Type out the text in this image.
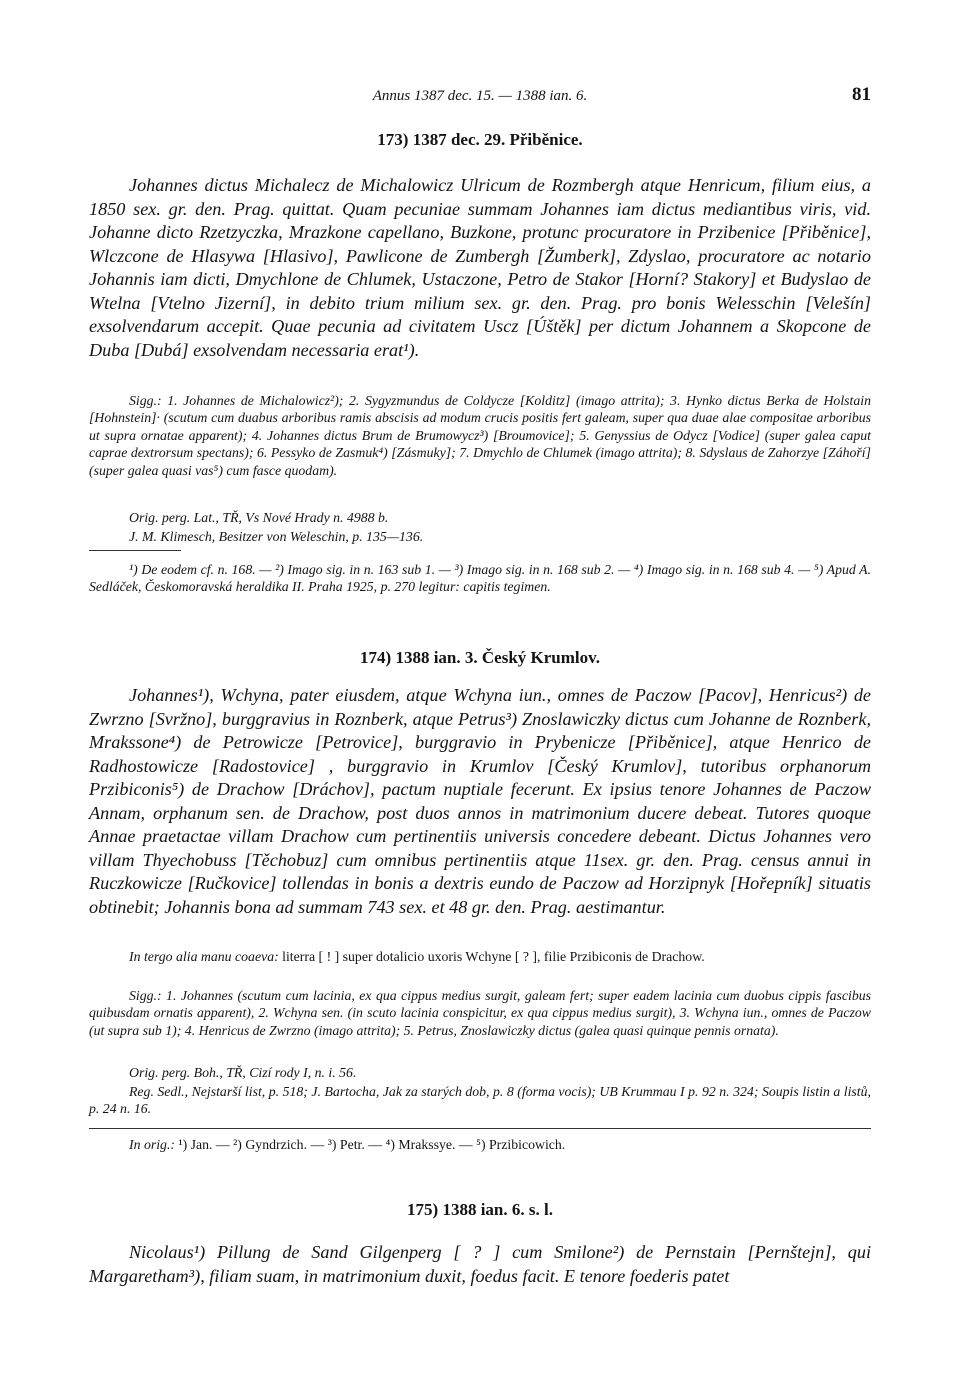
Annus 1387 dec. 15. — 1388 ian. 6.	81
173) 1387 dec. 29. Přiběnice.
Johannes dictus Michalecz de Michalowicz Ulricum de Rozmbergh atque Henricum, filium eius, a 1850 sex. gr. den. Prag. quittat. Quam pecuniae summam Johannes iam dictus mediantibus viris, vid. Johanne dicto Rzetzyczka, Mrazkone capellano, Buzkone, protunc procuratore in Przibenice [Přiběnice], Wlczcone de Hlasywa [Hlasivo], Pawlicone de Zumbergh [Žumberk], Zdyslao, procuratore ac notario Johannis iam dicti, Dmychlone de Chlumek, Ustaczone, Petro de Stakor [Horní? Stakory] et Budyslao de Wtelna [Vtelno Jizerní], in debito trium milium sex. gr. den. Prag. pro bonis Welesschin [Velešín] exsolvendarum accepit. Quae pecunia ad civitatem Uscz [Úštěk] per dictum Johannem a Skopcone de Duba [Dubá] exsolvendam necessaria erat¹).
Sigg.: 1. Johannes de Michalowicz²); 2. Sygyzmundus de Coldycze [Kolditz] (imago attrita); 3. Hynko dictus Berka de Holstain [Hohnstein]· (scutum cum duabus arboribus ramis abscisis ad modum crucis positis fert galeam, super qua duae alae compositae arboribus ut supra ornatae apparent); 4. Johannes dictus Brum de Brumowycz³) [Broumovice]; 5. Genyssius de Odycz [Vodice] (super galea caput caprae dextrorsum spectans); 6. Pessyko de Zasmuk⁴) [Zásmuky]; 7. Dmychlo de Chlumek (imago attrita); 8. Sdyslaus de Zahorzye [Záhoří] (super galea quasi vas⁵) cum fasce quodam).
Orig. perg. Lat., TŘ, Vs Nové Hrady n. 4988 b.
J. M. Klimesch, Besitzer von Weleschin, p. 135—136.
¹) De eodem cf. n. 168. — ²) Imago sig. in n. 163 sub 1. — ³) Imago sig. in n. 168 sub 2. — ⁴) Imago sig. in n. 168 sub 4. — ⁵) Apud A. Sedláček, Českomoravská heraldika II. Praha 1925, p. 270 legitur: capitis tegimen.
174) 1388 ian. 3. Český Krumlov.
Johannes¹), Wchyna, pater eiusdem, atque Wchyna iun., omnes de Paczow [Pacov], Henricus²) de Zwrzno [Svržno], burggravius in Roznberk, atque Petrus³) Znoslawiczky dictus cum Johanne de Roznberk, Mrakssone⁴) de Petrowicze [Petrovice], burggravio in Prybenicze [Přiběnice], atque Henrico de Radhostowicze [Radostovice] , burggravio in Krumlov [Český Krumlov], tutoribus orphanorum Przibiconis⁵) de Drachow [Dráchov], pactum nuptiale fecerunt. Ex ipsius tenore Johannes de Paczow Annam, orphanum sen. de Drachow, post duos annos in matrimonium ducere debeat. Tutores quoque Annae praetactae villam Drachow cum pertinentiis universis concedere debeant. Dictus Johannes vero villam Thyechobuss [Těchobuz] cum omnibus pertinentiis atque 11sex. gr. den. Prag. census annui in Ruczkowicze [Ručkovice] tollendas in bonis a dextris eundo de Paczow ad Horzipnyk [Hořepník] situatis obtinebit; Johannis bona ad summam 743 sex. et 48 gr. den. Prag. aestimantur.
In tergo alia manu coaeva: literra [ ! ] super dotalicio uxoris Wchyne [ ? ], filie Przibiconis de Drachow.
Sigg.: 1. Johannes (scutum cum lacinia, ex qua cippus medius surgit, galeam fert; super eadem lacinia cum duobus cippis fascibus quibusdam ornatis apparent), 2. Wchyna sen. (in scuto lacinia conspicitur, ex qua cippus medius surgit), 3. Wchyna iun., omnes de Paczow (ut supra sub 1); 4. Henricus de Zwrzno (imago attrita); 5. Petrus, Znoslawiczky dictus (galea quasi quinque pennis ornata).
Orig. perg. Boh., TŘ, Cizí rody I, n. i. 56.
Reg. Sedl., Nejstarší list, p. 518; J. Bartocha, Jak za starých dob, p. 8 (forma vocis); UB Krummau I p. 92 n. 324; Soupis listin a listů, p. 24 n. 16.
In orig.: ¹) Jan. — ²) Gyndrzich. — ³) Petr. — ⁴) Mrakssye. — ⁵) Przibicowich.
175) 1388 ian. 6. s. l.
Nicolaus¹) Pillung de Sand Gilgenperg [ ? ] cum Smilone²) de Pernstain [Pernštejn], qui Margaretham³), filiam suam, in matrimonium duxit, foedus facit. E tenore foederis patet
